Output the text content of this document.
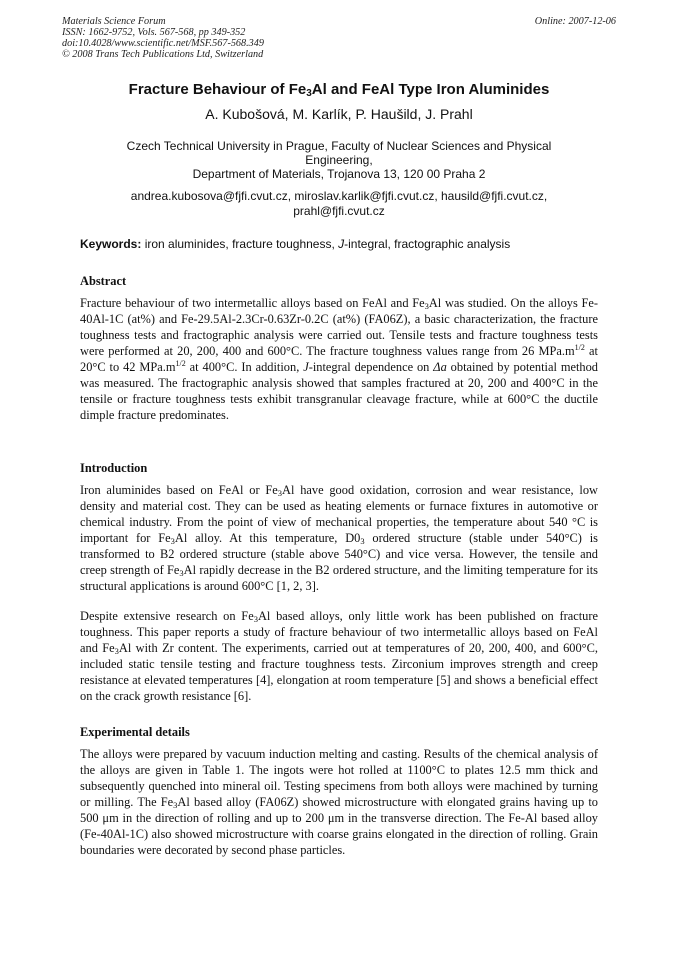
Materials Science Forum
ISSN: 1662-9752, Vols. 567-568, pp 349-352
doi:10.4028/www.scientific.net/MSF.567-568.349
© 2008 Trans Tech Publications Ltd, Switzerland
Online: 2007-12-06
Fracture Behaviour of $Fe_3Al$ and FeAl Type Iron Aluminides
A. Kubošová, M. Karlík, P. Haušild, J. Prahl
Czech Technical University in Prague, Faculty of Nuclear Sciences and Physical
Engineering,
Department of Materials, Trojanova 13, 120 00 Praha 2
andrea.kubosova@fjfi.cvut.cz, miroslav.karlik@fjfi.cvut.cz, hausild@fjfi.cvut.cz,
prahl@fjfi.cvut.cz
Keywords: iron aluminides, fracture toughness, J-integral, fractographic analysis
Abstract
Fracture behaviour of two intermetallic alloys based on FeAl and $Fe_3Al$ was studied. On the alloys Fe-40Al-1C (at%) and Fe-29.5Al-2.3Cr-0.63Zr-0.2C (at%) (FA06Z), a basic characterization, the fracture toughness tests and fractographic analysis were carried out. Tensile tests and fracture toughness tests were performed at 20, 200, 400 and 600°C. The fracture toughness values range from 26 $MPa.m^{1/2}$ at 20°C to 42 $MPa.m^{1/2}$ at 400°C. In addition, J-integral dependence on Δa obtained by potential method was measured. The fractographic analysis showed that samples fractured at 20, 200 and 400°C in the tensile or fracture toughness tests exhibit transgranular cleavage fracture, while at 600°C the ductile dimple fracture predominates.
Introduction
Iron aluminides based on FeAl or $Fe_3Al$ have good oxidation, corrosion and wear resistance, low density and material cost. They can be used as heating elements or furnace fixtures in automotive or chemical industry. From the point of view of mechanical properties, the temperature about 540 °C is important for $Fe_3Al$ alloy. At this temperature, $D0_3$ ordered structure (stable under 540°C) is transformed to B2 ordered structure (stable above 540°C) and vice versa. However, the tensile and creep strength of $Fe_3Al$ rapidly decrease in the B2 ordered structure, and the limiting temperature for its structural applications is around 600°C [1, 2, 3].
Despite extensive research on $Fe_3Al$ based alloys, only little work has been published on fracture toughness. This paper reports a study of fracture behaviour of two intermetallic alloys based on FeAl and $Fe_3Al$ with Zr content. The experiments, carried out at temperatures of 20, 200, 400, and 600°C, included static tensile testing and fracture toughness tests. Zirconium improves strength and creep resistance at elevated temperatures [4], elongation at room temperature [5] and shows a beneficial effect on the crack growth resistance [6].
Experimental details
The alloys were prepared by vacuum induction melting and casting. Results of the chemical analysis of the alloys are given in Table 1. The ingots were hot rolled at 1100°C to plates 12.5 mm thick and subsequently quenched into mineral oil. Testing specimens from both alloys were machined by turning or milling. The $Fe_3Al$ based alloy (FA06Z) showed microstructure with elongated grains having up to 500 μm in the direction of rolling and up to 200 μm in the transverse direction. The Fe-Al based alloy (Fe-40Al-1C) also showed microstructure with coarse grains elongated in the direction of rolling. Grain boundaries were decorated by second phase particles.
